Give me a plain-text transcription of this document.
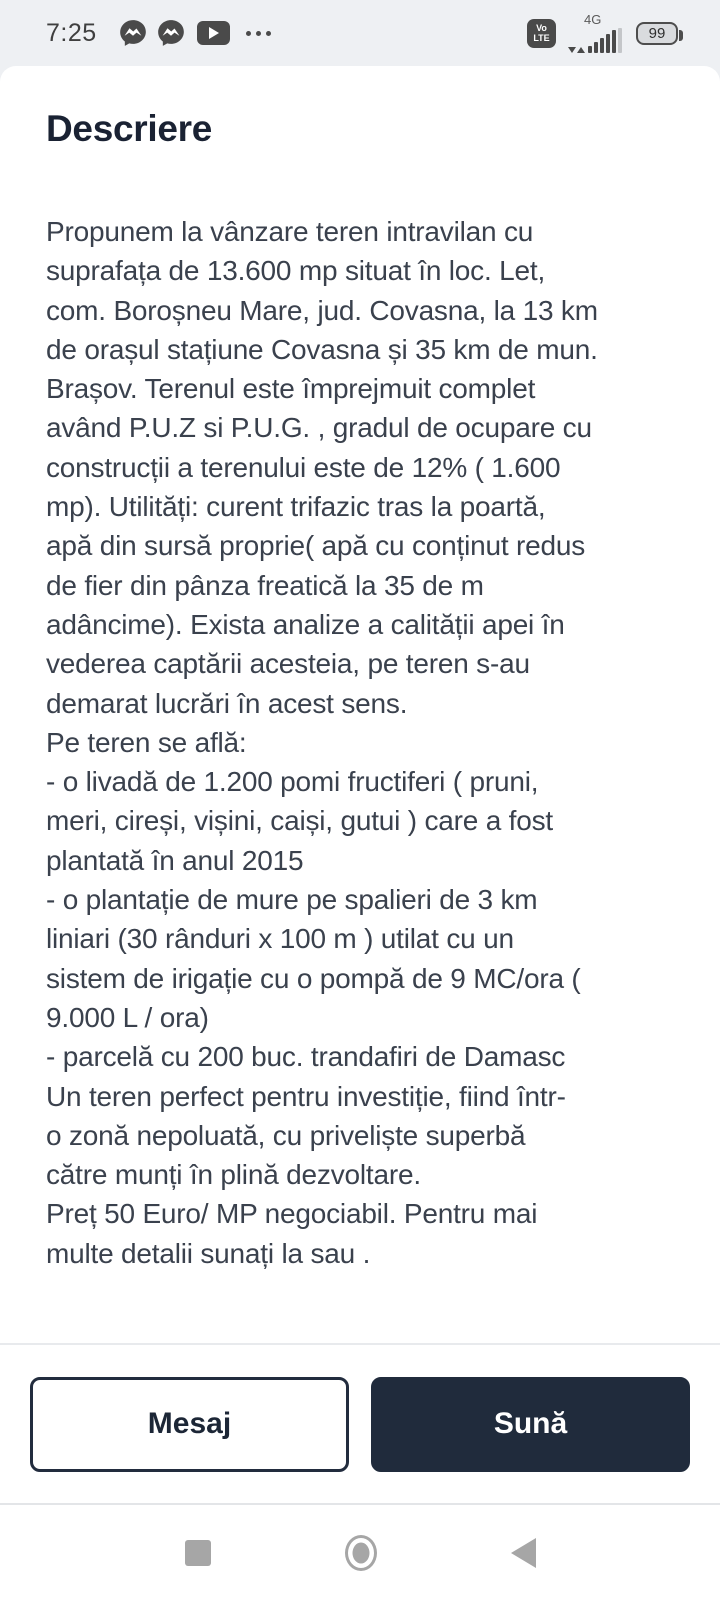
7:25	Vo
LTE
4G
99
Descriere
Propunem la vânzare teren intravilan cu
suprafața de 13.600 mp situat în loc. Let,
com. Boroșneu Mare, jud. Covasna, la 13 km
de orașul stațiune Covasna și 35 km de mun.
Brașov. Terenul este împrejmuit complet
având P.U.Z si P.U.G. , gradul de ocupare cu
construcții a terenului este de 12% ( 1.600
mp). Utilități: curent trifazic tras la poartă,
apă din sursă proprie( apă cu conținut redus
de fier din pânza freatică la 35 de m
adâncime). Exista analize a calității apei în
vederea captării acesteia, pe teren s-au
demarat lucrări în acest sens.
Pe teren se află:
- o livadă de 1.200 pomi fructiferi ( pruni,
meri, cireși, vișini, caiși, gutui ) care a fost
plantată în anul 2015
- o plantație de mure pe spalieri de 3 km
liniari (30 rânduri x 100 m ) utilat cu un
sistem de irigație cu o pompă de 9 MC/ora (
9.000 L / ora)
- parcelă cu 200 buc. trandafiri de Damasc
Un teren perfect pentru investiție, fiind într-
o zonă nepoluată, cu priveliște superbă
către munți în plină dezvoltare.
Preț 50 Euro/ MP negociabil. Pentru mai
multe detalii sunați la sau .
Mesaj	Sună
